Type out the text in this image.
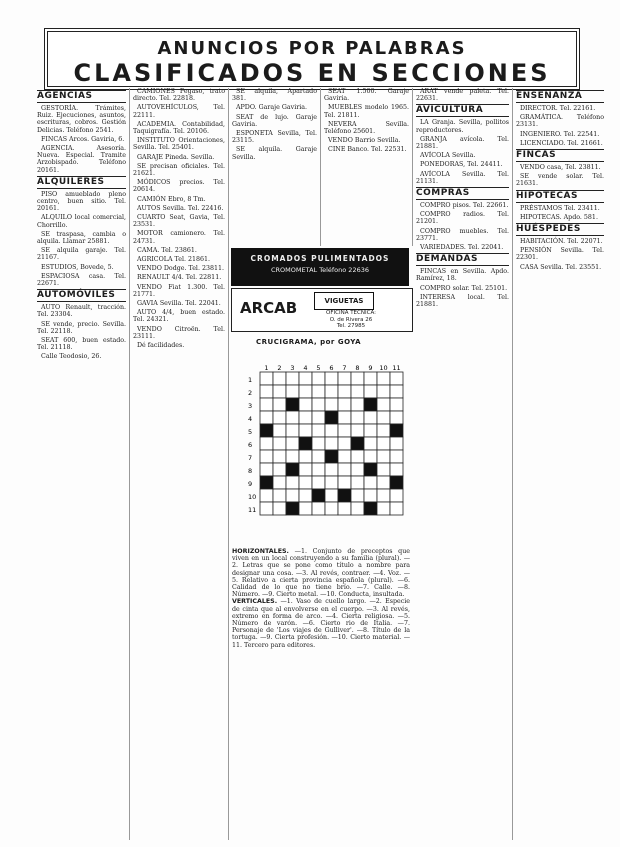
ANUNCIOS POR PALABRAS
CLASIFICADOS EN SECCIONES
AGENCIAS
GESTORÍA. Trámites, Ruiz. Ejecuciones, asuntos, escrituras, cobros. Gestión Delicias. Teléfono 2541.
FINCAS Arcos. Gaviria, 6.
AGENCIA. Asesoría. Nueva. Especial. Tramite Arzobispado. Teléfono 20161.
ALQUILERES
PISO amueblado pleno centro, buen sitio. Tel. 20161.
ALQUILO local comercial, Chorrillo.
SE traspasa, cambia o alquila. Llamar 25881.
SE alquila garaje. Tel. 21167.
ESTUDIOS, Bovede, 5.
ESPACIOSA casa. Tel. 22671.
AUTOMÓVILES
AUTO Renault, tracción. Tel. 23304.
SE vende, precio. Sevilla. Tel. 22118.
SEAT 600, buen estado. Tel. 21118.
Calle Teodosio, 26.
CAMIONES Pegaso, trato directo. Tel. 22818.
AUTOVEHÍCULOS, Tel. 22111.
ACADEMIA. Contabilidad, Taquigrafía. Tel. 20106.
INSTITUTO Orientaciones, Sevilla. Tel. 25401.
GARAJE Pineda. Sevilla.
SE precisan oficiales. Tel. 21621.
MÓDICOS precios. Tel. 20614.
CAMIÓN Ebro, 8 Tm.
AUTOS Sevilla. Tel. 22416.
CUARTO Seat, Gavia, Tel. 23531.
MOTOR camionero. Tel. 24731.
CAMA. Tel. 23861.
AGRICOLA Tel. 21861.
VENDO Dodge. Tel. 23811.
RENAULT 4/4. Tel. 22811.
VENDO Fiat 1.300. Tel. 21771.
GAVIA Sevilla. Tel. 22041.
AUTO 4/4, buen estado. Tel. 24321.
VENDO Citroën. Tel. 23111.
Dé facilidades.
SE alquila, Apartado 381.
APDO. Garaje Gaviria.
SEAT de lujo. Garaje Gaviria.
ESPONETA Sevilla, Tel. 23115.
SE alquila. Garaje Sevilla.
SEAT 1.500. Garaje Gaviria.
MUEBLES modelo 1965. Tel. 21811.
NEVERA Sevilla. Teléfono 25601.
VENDO Barrio Sevilla.
CINE Banco. Tel. 22531.
ARAT vende paleta. Tel. 22631.
AVICULTURA
LA Granja. Sevilla, pollitos reproductores.
GRANJA avícola. Tel. 21881.
AVÍCOLA Sevilla.
PONEDORAS, Tel. 24411.
AVÍCOLA Sevilla. Tel. 21131.
COMPRAS
COMPRO pisos. Tel. 22661.
COMPRO radios. Tel. 21201.
COMPRO muebles. Tel. 23771.
VARIEDADES. Tel. 22041.
DEMANDAS
FINCAS en Sevilla. Apdo. Ramírez, 18.
COMPRO solar. Tel. 25101.
INTERESA local. Tel. 21881.
ENSEÑANZA
DIRECTOR. Tel. 22161.
GRAMÁTICA. Teléfono 23131.
INGENIERO. Tel. 22541.
LICENCIADO. Tel. 21661.
FINCAS
VENDO casa, Tel. 23811.
SE vende solar. Tel. 21631.
HIPOTECAS
PRÉSTAMOS Tel. 23411.
HIPOTECAS. Apdo. 581.
HUÉSPEDES
HABITACIÓN. Tel. 22071.
PENSIÓN Sevilla. Tel. 22301.
CASA Sevilla. Tel. 23551.
CROMADOS PULIMENTADOS
CROMOMETAL Teléfono 22636
ARCAB	VIGUETAS
OFICINA TÉCNICA:
O. de Rivera 26
Tel. 27985
CRUCIGRAMA, por GOYA
1 2 3 4 5 6 7 8 9 10 11
1
2
3
4
5
6
7
8
9
10
11
HORIZONTALES. —1. Conjunto de preceptos que viven en un local construyendo a su familia (plural). —2. Letras que se pone como título a nombre para designar una cosa. —3. Al revés, contraer. —4. Voz. —5. Relativo a cierta provincia española (plural). —6. Calidad de lo que no tiene brío. —7. Calle. —8. Número. —9. Cierto metal. —10. Conducta, insultada.
VERTICALES. —1. Vaso de cuello largo. —2. Especie de cinta que al envolverse en el cuerpo. —3. Al revés, extremo en forma de arco. —4. Cierta religiosa. —5. Número de varón. —6. Cierto rio de Italia. —7. Personaje de 'Los viajes de Gulliver'. —8. Título de la tortuga. —9. Cierta profesión. —10. Cierto material. —11. Tercero para editores.
